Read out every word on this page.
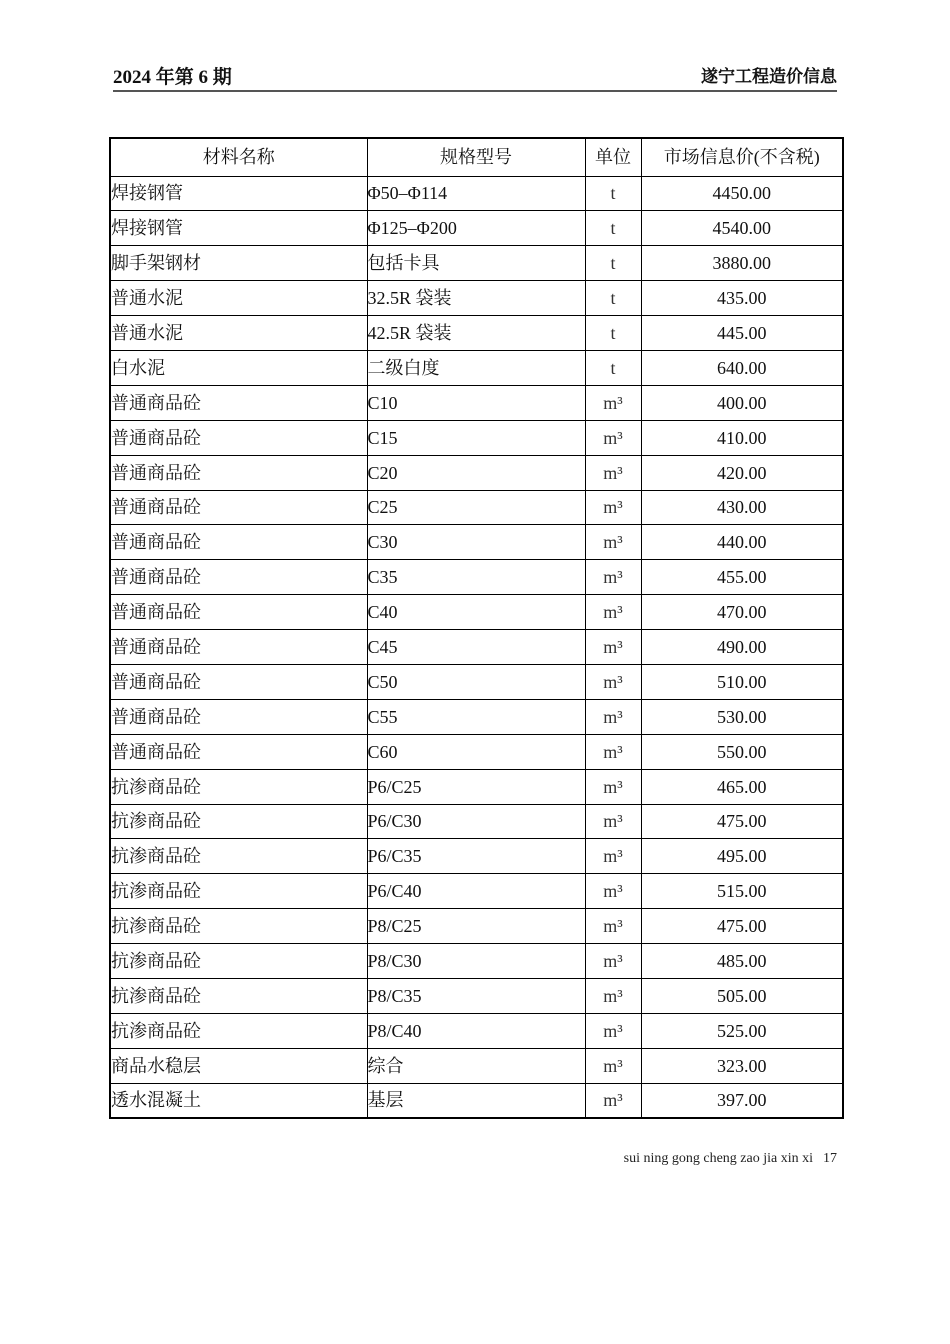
2024 年第 6 期	遂宁工程造价信息
材料名称	规格型号	单位	市场信息价(不含税)
焊接钢管	Φ50–Φ114	t	4450.00
焊接钢管	Φ125–Φ200	t	4540.00
脚手架钢材	包括卡具	t	3880.00
普通水泥	32.5R 袋装	t	435.00
普通水泥	42.5R 袋装	t	445.00
白水泥	二级白度	t	640.00
普通商品砼	C10	m³	400.00
普通商品砼	C15	m³	410.00
普通商品砼	C20	m³	420.00
普通商品砼	C25	m³	430.00
普通商品砼	C30	m³	440.00
普通商品砼	C35	m³	455.00
普通商品砼	C40	m³	470.00
普通商品砼	C45	m³	490.00
普通商品砼	C50	m³	510.00
普通商品砼	C55	m³	530.00
普通商品砼	C60	m³	550.00
抗渗商品砼	P6/C25	m³	465.00
抗渗商品砼	P6/C30	m³	475.00
抗渗商品砼	P6/C35	m³	495.00
抗渗商品砼	P6/C40	m³	515.00
抗渗商品砼	P8/C25	m³	475.00
抗渗商品砼	P8/C30	m³	485.00
抗渗商品砼	P8/C35	m³	505.00
抗渗商品砼	P8/C40	m³	525.00
商品水稳层	综合	m³	323.00
透水混凝土	基层	m³	397.00
sui ning gong cheng zao jia xin xi 17
